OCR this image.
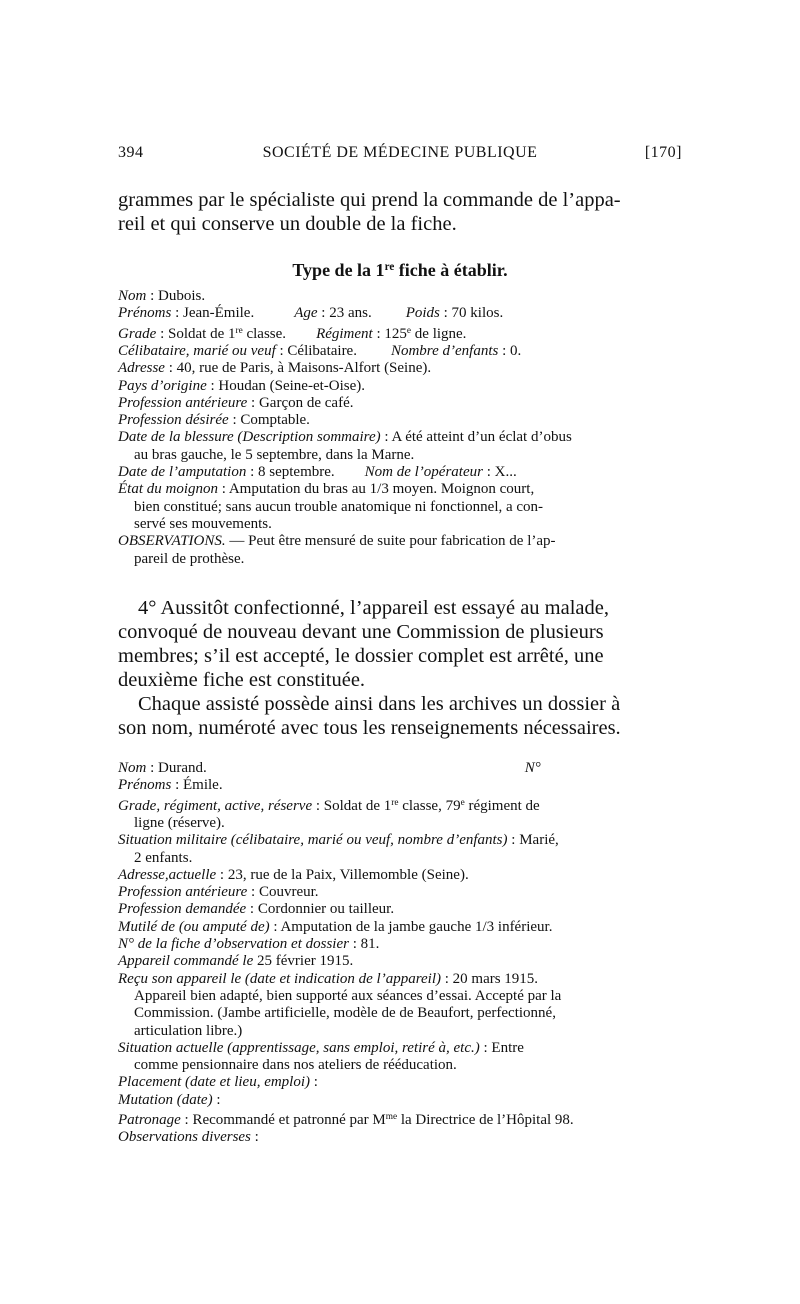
394	SOCIÉTÉ DE MÉDECINE PUBLIQUE	[170]
grammes par le spécialiste qui prend la commande de l’appa-
reil et qui conserve un double de la fiche.
Type de la 1re fiche à établir.
Nom : Dubois.
Prénoms : Jean-Émile.	Age : 23 ans. Poids : 70 kilos.
Grade : Soldat de 1re classe. Régiment : 125e de ligne.
Célibataire, marié ou veuf : Célibataire. Nombre d’enfants : 0.
Adresse : 40, rue de Paris, à Maisons-Alfort (Seine).
Pays d’origine : Houdan (Seine-et-Oise).
Profession antérieure : Garçon de café.
Profession désirée : Comptable.
Date de la blessure (Description sommaire) : A été atteint d’un éclat d’obus
au bras gauche, le 5 septembre, dans la Marne.
Date de l’amputation : 8 septembre. Nom de l’opérateur : X...
État du moignon : Amputation du bras au 1/3 moyen. Moignon court,
bien constitué; sans aucun trouble anatomique ni fonctionnel, a con-
servé ses mouvements.
OBSERVATIONS. — Peut être mensuré de suite pour fabrication de l’ap-
pareil de prothèse.
4° Aussitôt confectionné, l’appareil est essayé au malade,
convoqué de nouveau devant une Commission de plusieurs
membres; s’il est accepté, le dossier complet est arrêté, une
deuxième fiche est constituée.
Chaque assisté possède ainsi dans les archives un dossier à
son nom, numéroté avec tous les renseignements nécessaires.
Nom : Durand.	N°
Prénoms : Émile.
Grade, régiment, active, réserve : Soldat de 1re classe, 79e régiment de
ligne (réserve).
Situation militaire (célibataire, marié ou veuf, nombre d’enfants) : Marié,
2 enfants.
Adresse,actuelle : 23, rue de la Paix, Villemomble (Seine).
Profession antérieure : Couvreur.
Profession demandée : Cordonnier ou tailleur.
Mutilé de (ou amputé de) : Amputation de la jambe gauche 1/3 inférieur.
N° de la fiche d’observation et dossier : 81.
Appareil commandé le 25 février 1915.
Reçu son appareil le (date et indication de l’appareil) : 20 mars 1915.
Appareil bien adapté, bien supporté aux séances d’essai. Accepté par la
Commission. (Jambe artificielle, modèle de de Beaufort, perfectionné,
articulation libre.)
Situation actuelle (apprentissage, sans emploi, retiré à, etc.) : Entre
comme pensionnaire dans nos ateliers de rééducation.
Placement (date et lieu, emploi) :
Mutation (date) :
Patronage : Recommandé et patronné par $M^{me}$ la Directrice de l’Hôpital 98.
Observations diverses :
